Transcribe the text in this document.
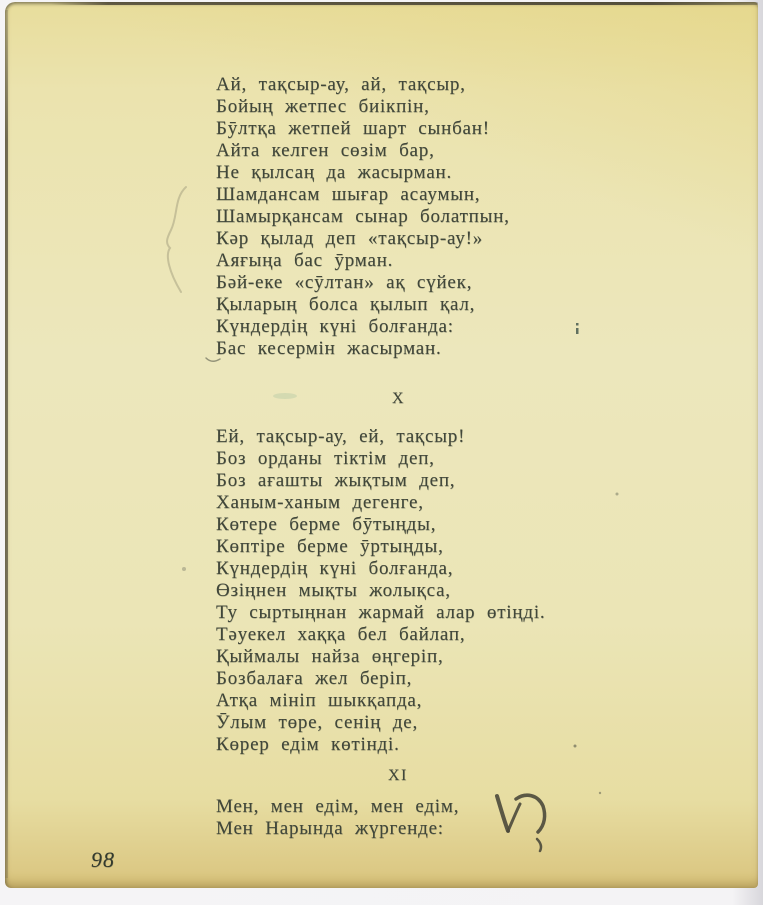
Ай, тақсыр-ау, ай, тақсыр,
Бойың жетпес биікпін,
Бӯлтқа жетпей шарт сынбан!
Айта келген сөзім бар,
Не қылсаң да жасырман.
Шамдансам шығар асаумын,
Шамырқансам сынар болатпын,
Кәр қылад деп «тақсыр-ау!»
Аяғыңа бас ӯрман.
Бәй-еке «сӯлтан» ақ сүйек,
Қыларың болса қылып қал,
Күндердің күні болғанда:
Бас кесермін жасырман.
X
Ей, тақсыр-ау, ей, тақсыр!
Боз орданы тіктім деп,
Боз ағашты жықтым деп,
Ханым-ханым дегенге,
Көтере берме бӯтыңды,
Көптіре берме ӯртыңды,
Күндердің күні болғанда,
Өзіңнен мықты жолықса,
Ту сыртыңнан жармай алар өтіңді.
Тәуекел хаққа бел байлап,
Қыймалы найза өңгеріп,
Бозбалаға жел беріп,
Атқа мініп шыкқапда,
Ӯлым төре, сенің де,
Көрер едім көтінді.
XI
Мен, мен едім, мен едім,
Мен Нарында жүргенде:
98
